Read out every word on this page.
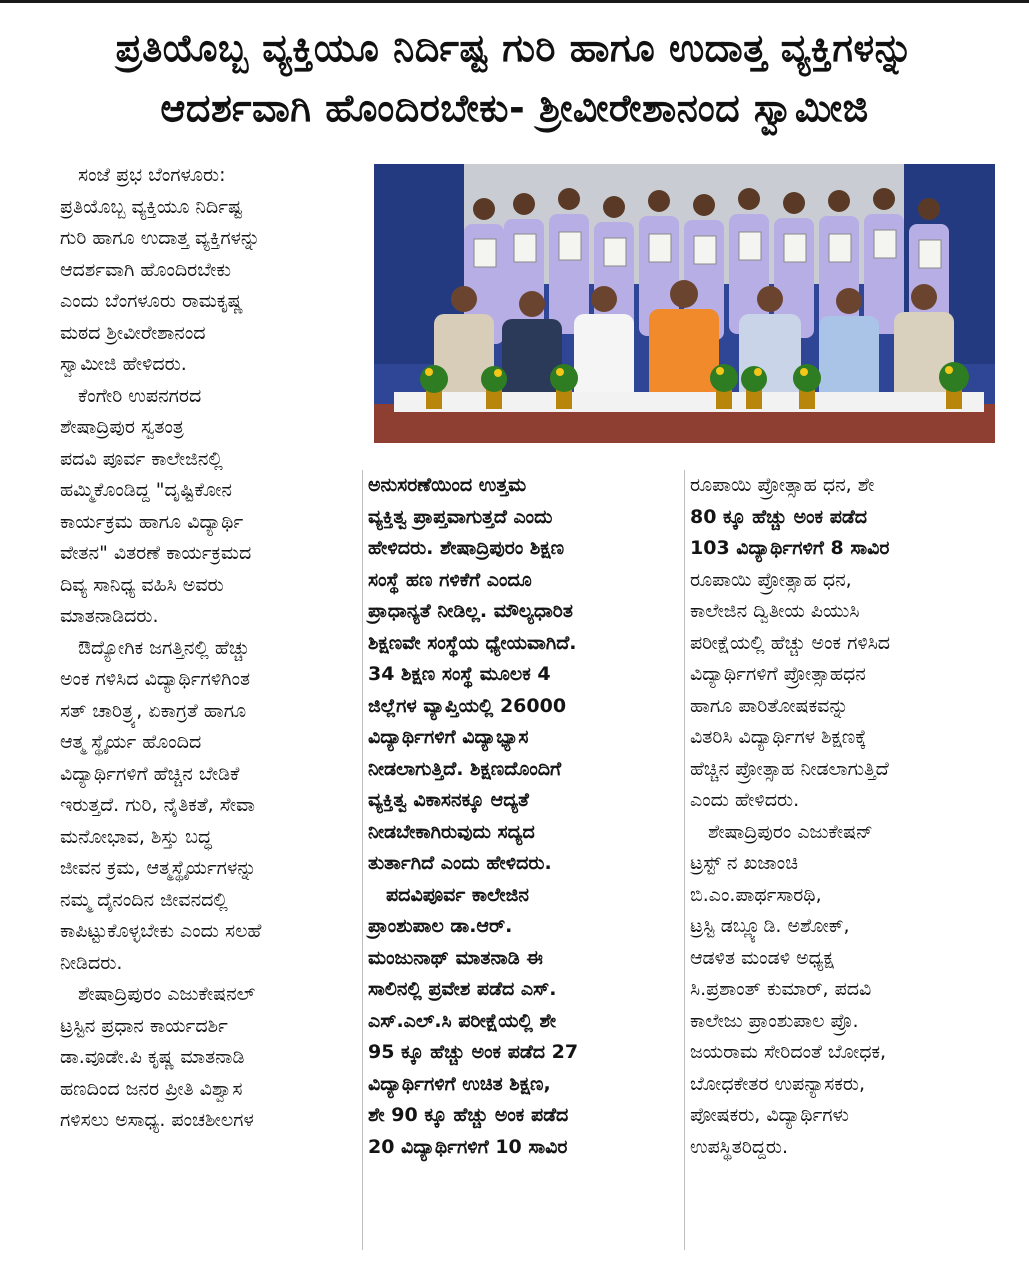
ಪ್ರತಿಯೊಬ್ಬ ವ್ಯಕ್ತಿಯೂ ನಿರ್ದಿಷ್ಟ ಗುರಿ ಹಾಗೂ ಉದಾತ್ತ ವ್ಯಕ್ತಿಗಳನ್ನು
ಆದರ್ಶವಾಗಿ ಹೊಂದಿರಬೇಕು- ಶ್ರೀವೀರೇಶಾನಂದ ಸ್ವಾಮೀಜಿ

ಸಂಜೆ ಪ್ರಭ ಬೆಂಗಳೂರು:

ಪ್ರತಿಯೊಬ್ಬ ವ್ಯಕ್ತಿಯೂ ನಿರ್ದಿಷ್ಟ

ಗುರಿ ಹಾಗೂ ಉದಾತ್ತ ವ್ಯಕ್ತಿಗಳನ್ನು

ಆದರ್ಶವಾಗಿ ಹೊಂದಿರಬೇಕು

ಎಂದು ಬೆಂಗಳೂರು ರಾಮಕೃಷ್ಣ

ಮಠದ ಶ್ರೀವೀರೇಶಾನಂದ

ಸ್ವಾಮೀಜಿ ಹೇಳಿದರು.

ಕೆಂಗೇರಿ ಉಪನಗರದ

ಶೇಷಾದ್ರಿಪುರ ಸ್ವತಂತ್ರ

ಪದವಿ ಪೂರ್ವ ಕಾಲೇಜಿನಲ್ಲಿ

ಹಮ್ಮಿಕೊಂಡಿದ್ದ "ದೃಷ್ಟಿಕೋನ

ಕಾರ್ಯಕ್ರಮ ಹಾಗೂ ವಿದ್ಯಾರ್ಥಿ

ವೇತನ" ವಿತರಣೆ ಕಾರ್ಯಕ್ರಮದ

ದಿವ್ಯ ಸಾನಿಧ್ಯ ವಹಿಸಿ ಅವರು

ಮಾತನಾಡಿದರು.

ಔದ್ಯೋಗಿಕ ಜಗತ್ತಿನಲ್ಲಿ ಹೆಚ್ಚು

ಅಂಕ ಗಳಿಸಿದ ವಿದ್ಯಾರ್ಥಿಗಳಿಗಿಂತ

ಸತ್ ಚಾರಿತ್ರ್ಯ, ಏಕಾಗ್ರತೆ ಹಾಗೂ

ಆತ್ಮ ಸ್ಥೈರ್ಯ ಹೊಂದಿದ

ವಿದ್ಯಾರ್ಥಿಗಳಿಗೆ ಹೆಚ್ಚಿನ ಬೇಡಿಕೆ

ಇರುತ್ತದೆ. ಗುರಿ, ನೈತಿಕತೆ, ಸೇವಾ

ಮನೋಭಾವ, ಶಿಸ್ತು ಬದ್ಧ

ಜೀವನ ಕ್ರಮ, ಆತ್ಮಸ್ಥೈರ್ಯಗಳನ್ನು

ನಮ್ಮ ದೈನಂದಿನ ಜೀವನದಲ್ಲಿ

ಕಾಪಿಟ್ಟುಕೊಳ್ಳಬೇಕು ಎಂದು ಸಲಹೆ

ನೀಡಿದರು.

ಶೇಷಾದ್ರಿಪುರಂ ಎಜುಕೇಷನಲ್

ಟ್ರಸ್ಟಿನ ಪ್ರಧಾನ ಕಾರ್ಯದರ್ಶಿ

ಡಾ.ವೂಡೇ.ಪಿ ಕೃಷ್ಣ ಮಾತನಾಡಿ

ಹಣದಿಂದ ಜನರ ಪ್ರೀತಿ ವಿಶ್ವಾಸ

ಗಳಿಸಲು ಅಸಾಧ್ಯ. ಪಂಚಶೀಲಗಳ

ಅನುಸರಣೆಯಿಂದ ಉತ್ತಮ

ವ್ಯಕ್ತಿತ್ವ ಪ್ರಾಪ್ತವಾಗುತ್ತದೆ ಎಂದು

ಹೇಳಿದರು. ಶೇಷಾದ್ರಿಪುರಂ ಶಿಕ್ಷಣ

ಸಂಸ್ಥೆ ಹಣ ಗಳಿಕೆಗೆ ಎಂದೂ

ಪ್ರಾಧಾನ್ಯತೆ ನೀಡಿಲ್ಲ. ಮೌಲ್ಯಧಾರಿತ

ಶಿಕ್ಷಣವೇ ಸಂಸ್ಥೆಯ ಧ್ಯೇಯವಾಗಿದೆ.

34 ಶಿಕ್ಷಣ ಸಂಸ್ಥೆ ಮೂಲಕ 4

ಜಿಲ್ಲೆಗಳ ವ್ಯಾಪ್ತಿಯಲ್ಲಿ 26000

ವಿದ್ಯಾರ್ಥಿಗಳಿಗೆ ವಿದ್ಯಾಭ್ಯಾಸ

ನೀಡಲಾಗುತ್ತಿದೆ. ಶಿಕ್ಷಣದೊಂದಿಗೆ

ವ್ಯಕ್ತಿತ್ವ ವಿಕಾಸನಕ್ಕೂ ಆದ್ಯತೆ

ನೀಡಬೇಕಾಗಿರುವುದು ಸದ್ಯದ

ತುರ್ತಾಗಿದೆ ಎಂದು ಹೇಳಿದರು.

ಪದವಿಪೂರ್ವ ಕಾಲೇಜಿನ

ಪ್ರಾಂಶುಪಾಲ ಡಾ.ಆರ್.

ಮಂಜುನಾಥ್ ಮಾತನಾಡಿ ಈ

ಸಾಲಿನಲ್ಲಿ ಪ್ರವೇಶ ಪಡೆದ ಎಸ್.

ಎಸ್.ಎಲ್.ಸಿ ಪರೀಕ್ಷೆಯಲ್ಲಿ ಶೇ

95 ಕ್ಕೂ ಹೆಚ್ಚು ಅಂಕ ಪಡೆದ 27

ವಿದ್ಯಾರ್ಥಿಗಳಿಗೆ ಉಚಿತ ಶಿಕ್ಷಣ,

ಶೇ 90 ಕ್ಕೂ ಹೆಚ್ಚು ಅಂಕ ಪಡೆದ

20 ವಿದ್ಯಾರ್ಥಿಗಳಿಗೆ 10 ಸಾವಿರ

ರೂಪಾಯಿ ಪ್ರೋತ್ಸಾಹ ಧನ, ಶೇ

80 ಕ್ಕೂ ಹೆಚ್ಚು ಅಂಕ ಪಡೆದ

103 ವಿದ್ಯಾರ್ಥಿಗಳಿಗೆ 8 ಸಾವಿರ

ರೂಪಾಯಿ ಪ್ರೋತ್ಸಾಹ ಧನ,

ಕಾಲೇಜಿನ ದ್ವಿತೀಯ ಪಿಯುಸಿ

ಪರೀಕ್ಷೆಯಲ್ಲಿ ಹೆಚ್ಚು ಅಂಕ ಗಳಿಸಿದ

ವಿದ್ಯಾರ್ಥಿಗಳಿಗೆ ಪ್ರೋತ್ಸಾಹಧನ

ಹಾಗೂ ಪಾರಿತೋಷಕವನ್ನು

ವಿತರಿಸಿ ವಿದ್ಯಾರ್ಥಿಗಳ ಶಿಕ್ಷಣಕ್ಕೆ

ಹೆಚ್ಚಿನ ಪ್ರೋತ್ಸಾಹ ನೀಡಲಾಗುತ್ತಿದೆ

ಎಂದು ಹೇಳಿದರು.

ಶೇಷಾದ್ರಿಪುರಂ ಎಜುಕೇಷನ್

ಟ್ರಸ್ಟ್ ನ ಖಜಾಂಚಿ

ಬಿ.ಎಂ.ಪಾರ್ಥಸಾರಥಿ,

ಟ್ರಸ್ಟಿ ಡಬ್ಲ್ಯೂಡಿ. ಅಶೋಕ್,

ಆಡಳಿತ ಮಂಡಳಿ ಅಧ್ಯಕ್ಷ

ಸಿ.ಪ್ರಶಾಂತ್ ಕುಮಾರ್, ಪದವಿ

ಕಾಲೇಜು ಪ್ರಾಂಶುಪಾಲ ಪ್ರೊ.

ಜಯರಾಮ ಸೇರಿದಂತೆ ಬೋಧಕ,

ಬೋಧಕೇತರ ಉಪನ್ಯಾಸಕರು,

ಪೋಷಕರು, ವಿದ್ಯಾರ್ಥಿಗಳು

ಉಪಸ್ಥಿತರಿದ್ದರು.
